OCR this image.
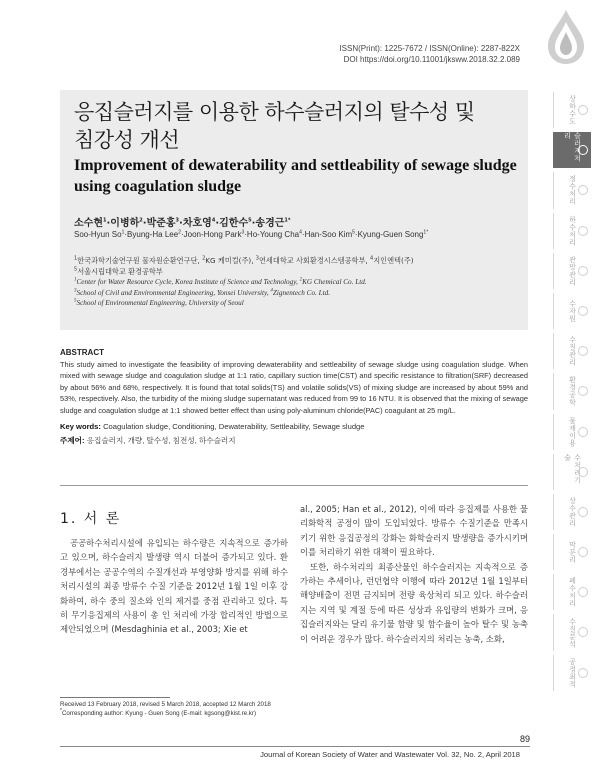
ISSN(Print): 1225-7672 / ISSN(Online): 2287-822X
DOI https://doi.org/10.11001/jksww.2018.32.2.089
응집슬러지를 이용한 하수슬러지의 탈수성 및
침강성 개선
Improvement of dewaterability and settleability of sewage sludge
using coagulation sludge
소수현$^1$·이병하$^2$·박준홍$^3$·차호영$^4$·김한수$^5$·송경근$^{1*}$
Soo-Hyun $So^1\cdot Byung-Ha$ Lee$^2$·Joon-Hong Park$^3$·Ho-Young Cha$^4$·Han-Soo Kim$^5$·Kyung-Guen Song$^{1*}$
$^1$한국과학기술연구원 물자원순환연구단, $^2$KG 케미컬(주), $^3$연세대학교 사회환경시스템공학부, $^4$지인엔텍(주)
$^5$서울시립대학교 환경공학부
$^1$Center for Water Resource Cycle, Korea Institute of Science and Technology, $^2$KG Chemical Co. Ltd.
$^3$School of Civil and Environmental Engineering, Yonsei University, $^4$Zignentech Co. Ltd.
$^5$School of Environmental Engineering, University of Seoul
ABSTRACT
This study aimed to investigate the feasibility of improving dewaterability and settleability of sewage sludge using coagulation sludge. When mixed with sewage sludge and coagulation sludge at 1:1 ratio, capillary suction time(CST) and specific resistance to filtration(SRF) decreased by about 56% and 68%, respectively. It is found that total solids(TS) and volatile solids(VS) of mixing sludge are increased by about 59% and 53%, respectively. Also, the turbidity of the mixing sludge supernatant was reduced from 99 to 16 NTU. It is observed that the mixing of sewage sludge and coagulation sludge at 1:1 showed better effect than using poly-aluminum chloride(PAC) coagulant at 25 mg/L.
Key words: Coagulation sludge, Conditioning, Dewaterability, Settleability, Sewage sludge
주제어: 응집슬러지, 개량, 탈수성, 침전성, 하수슬러지
1. 서 론

공공하수처리시설에 유입되는 하수량은 지속적으로 증가하고 있으며, 하수슬러지 발생량 역시 더불어 증가되고 있다. 환경부에서는 공공수역의 수질개선과 부영양화 방지를 위해 하수처리시설의 최종 방류수 수질 기준을 2012년 1월 1일 이후 강화하여, 하수 중의 질소와 인의 제거를 중점 관리하고 있다. 특히 무기응집제의 사용이 총 인 처리에 가장 합리적인 방법으로 제안되었으며 (Mesdaghinia et al., 2003; Xie et

al., 2005; Han et al., 2012), 이에 따라 응집제를 사용한 물리화학적 공정이 많이 도입되었다. 방류수 수질기준을 만족시키기 위한 응집공정의 강화는 화학슬러지 발생량을 증가시키며 이를 처리하기 위한 대책이 필요하다.

또한, 하수처리의 최종산물인 하수슬러지는 지속적으로 증가하는 추세이나, 런던협약 이행에 따라 2012년 1월 1일부터 해양배출이 전면 금지되며 전량 육상처리 되고 있다. 하수슬러지는 지역 및 계절 등에 따른 성상과 유입량의 변화가 크며, 응집슬러지와는 달리 유기물 함량 및 함수율이 높아 탈수 및 농축이 어려운 경우가 많다. 하수슬러지의 처리는 농축, 소화,

Received 13 February 2018, revised 5 March 2018, accepted 12 March 2018
*Corresponding author: Kyung - Guen Song (E-mail: kgsong@kist.re.kr)
89
Journal of Korean Society of Water and Wastewater Vol. 32, No. 2, April 2018
상하수도
슬러지처리
정수처리
하수처리
관망관리
수자원
수질관리
환경공학
물재이용
수처리기술
상수관리
막분리
폐수처리
수질분석
공정최적
